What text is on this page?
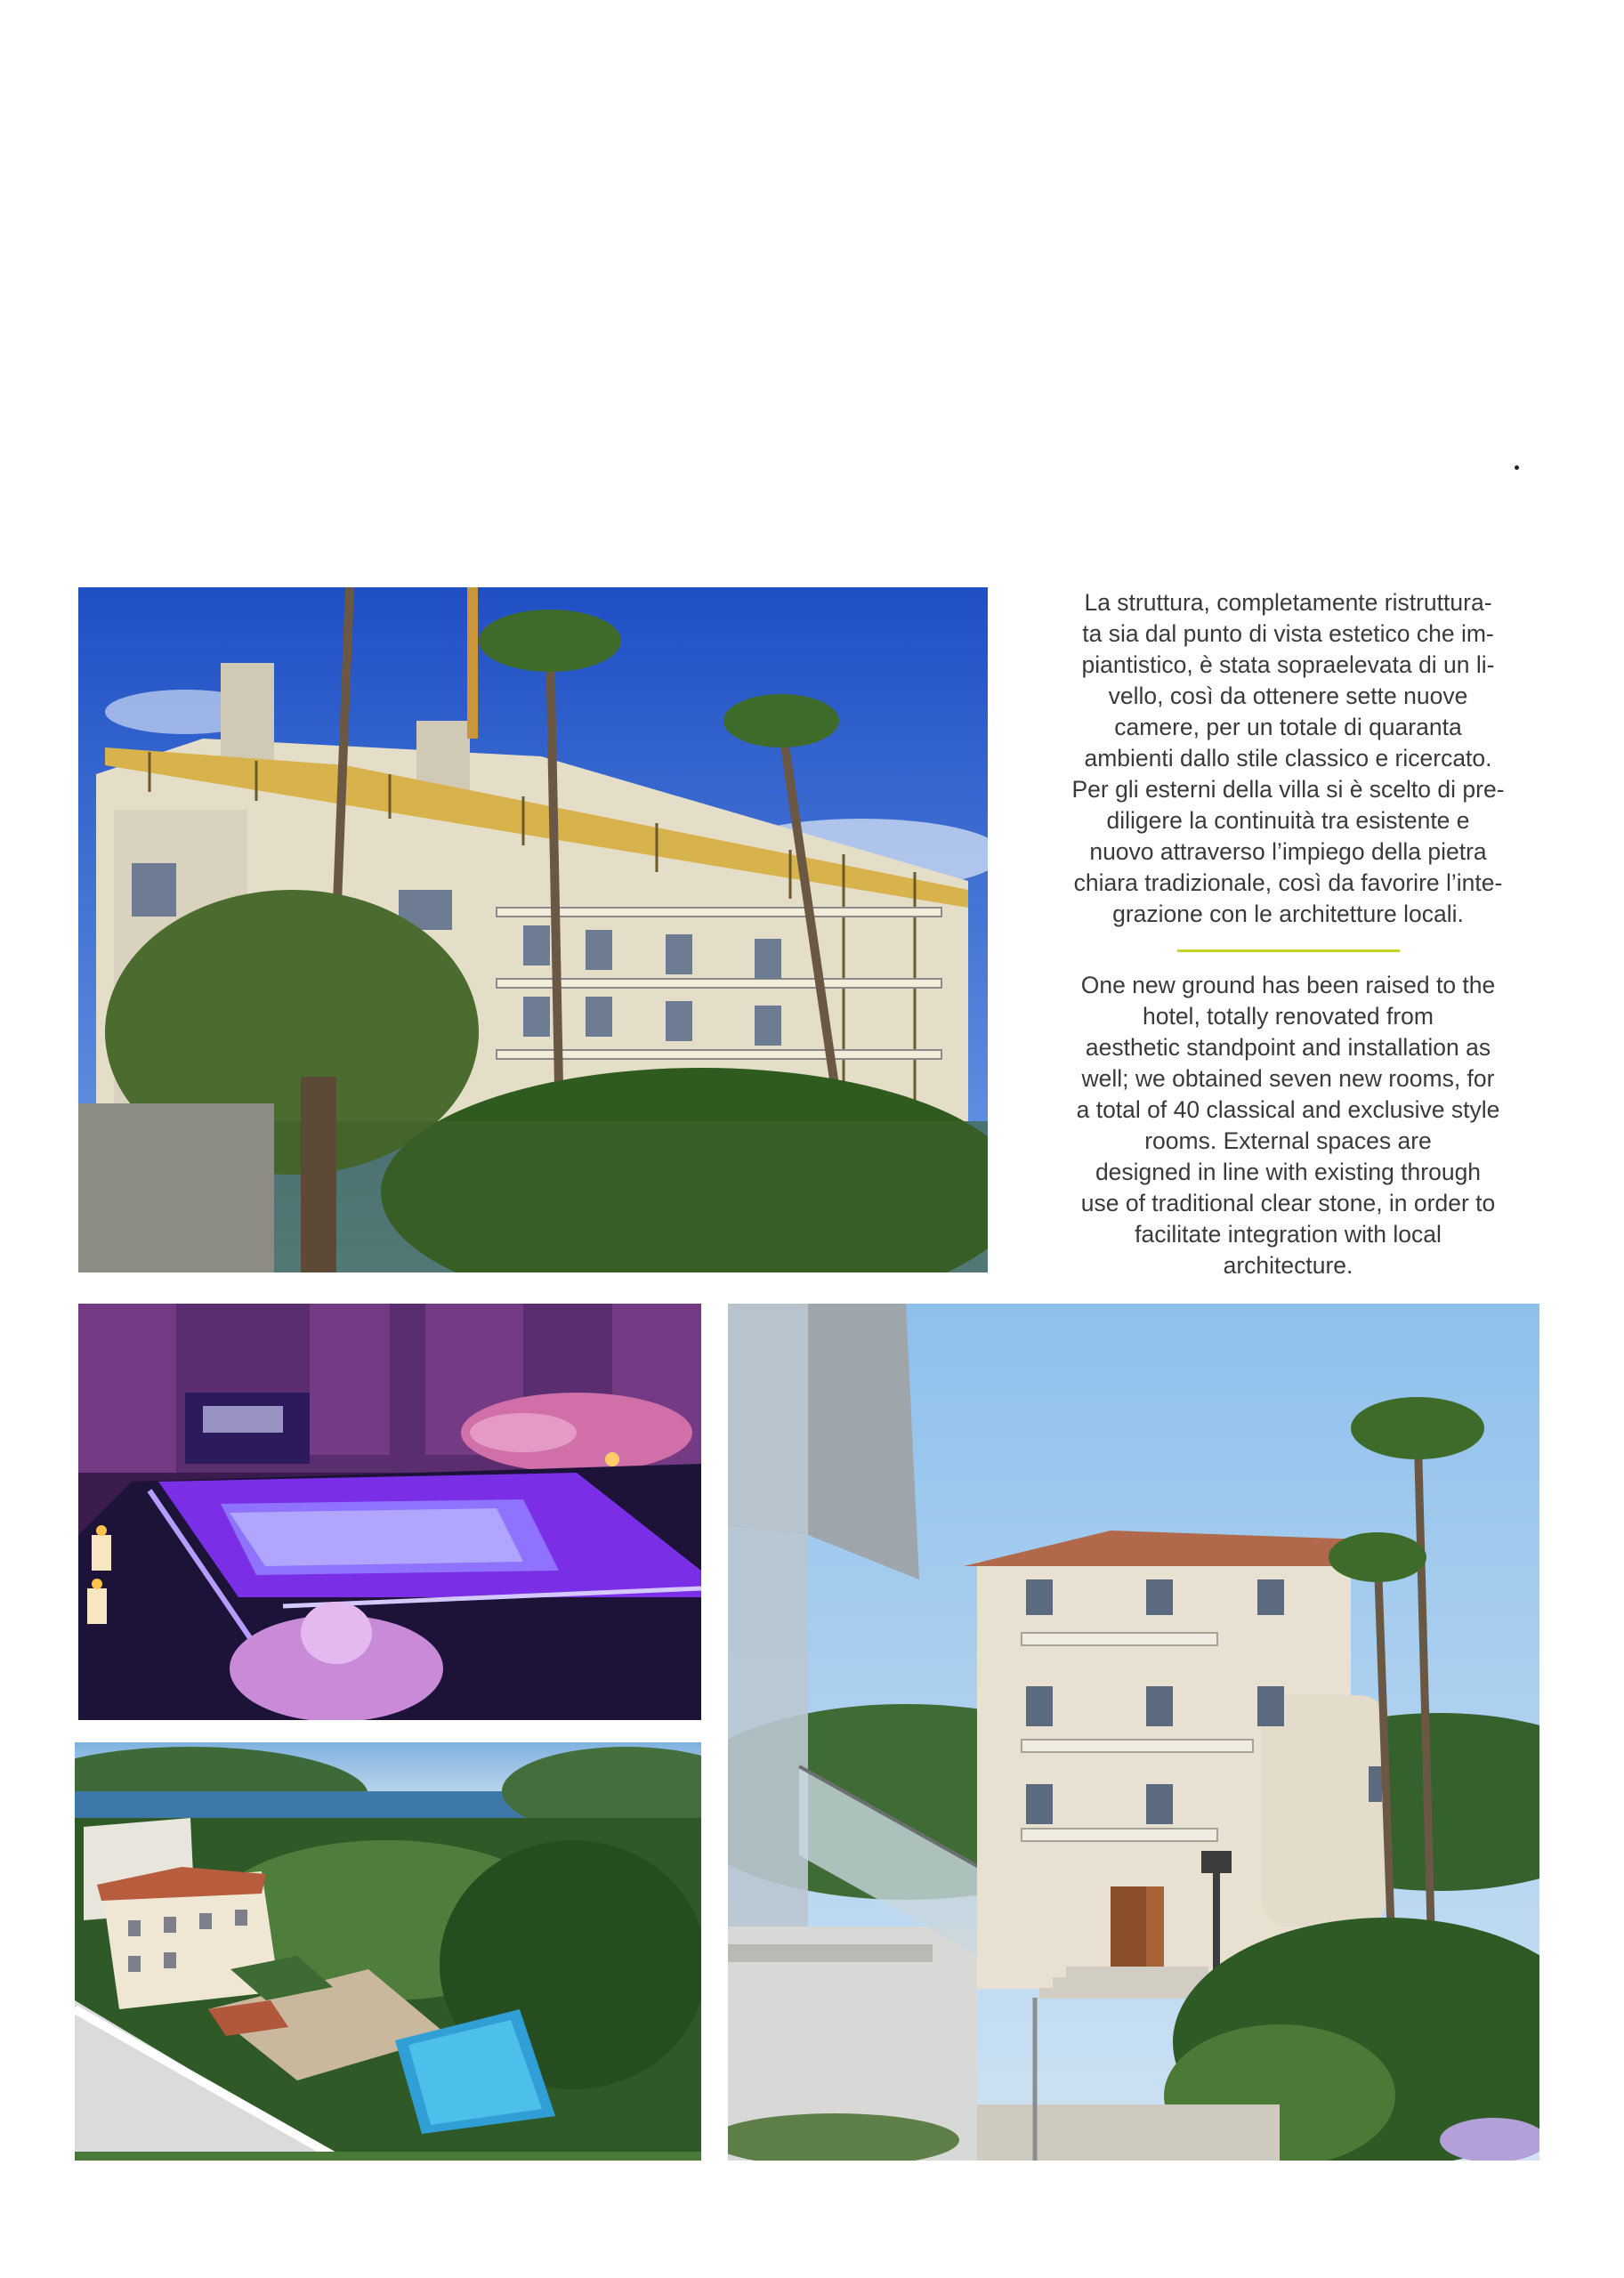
La struttura, completamente ristruttura-
ta sia dal punto di vista estetico che im-
piantistico, è stata sopraelevata di un li-
vello, così da ottenere sette nuove
camere, per un totale di quaranta
ambienti dallo stile classico e ricercato.
Per gli esterni della villa si è scelto di pre-
diligere la continuità tra esistente e
nuovo attraverso l’impiego della pietra
chiara tradizionale, così da favorire l’inte-
grazione con le architetture locali.

One new ground has been raised to the
hotel, totally renovated from
aesthetic standpoint and installation as
well; we obtained seven new rooms, for
a total of 40 classical and exclusive style
rooms. External spaces are
designed in line with existing through
use of traditional clear stone, in order to
facilitate integration with local
architecture.
